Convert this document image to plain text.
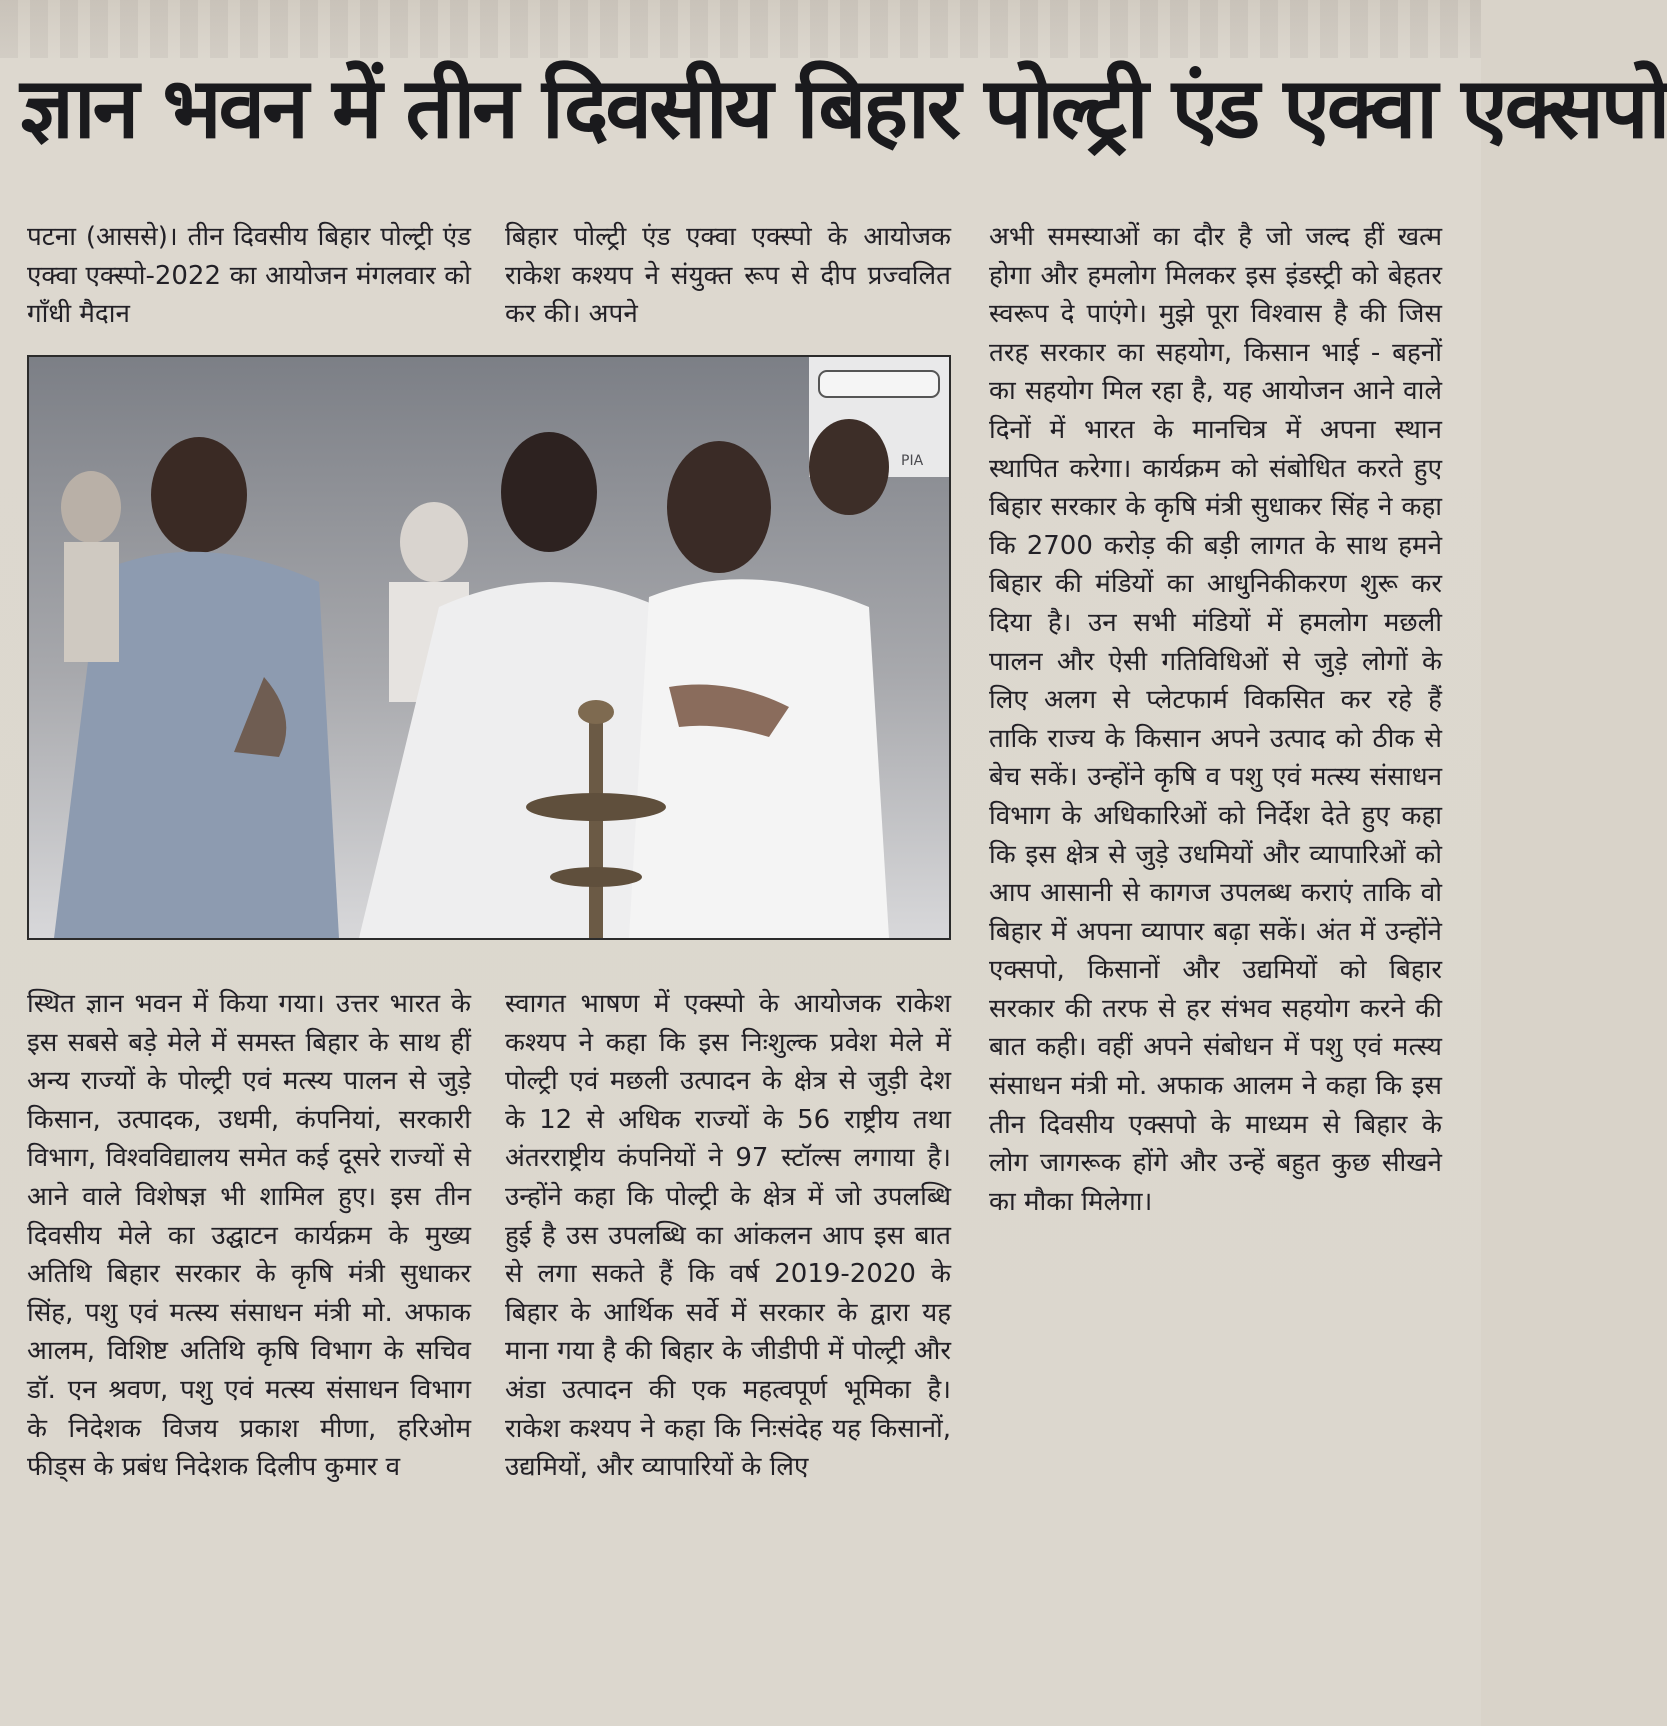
ज्ञान भवन में तीन दिवसीय बिहार पोल्ट्री एंड एक्वा एक्सपो
पटना (आससे)। तीन दिवसीय बिहार पोल्ट्री एंड एक्वा एक्स्पो-2022 का आयोजन मंगलवार को गाँधी मैदान
बिहार पोल्ट्री एंड एक्वा एक्स्पो के आयोजक राकेश कश्यप ने संयुक्त रूप से दीप प्रज्वलित कर की। अपने
अभी समस्याओं का दौर है जो जल्द हीं खत्म होगा और हमलोग मिलकर इस इंडस्ट्री को बेहतर स्वरूप दे पाएंगे। मुझे पूरा विश्वास है की जिस तरह सरकार का सहयोग, किसान भाई - बहनों का सहयोग मिल रहा है, यह आयोजन आने वाले दिनों में भारत के मानचित्र में अपना स्थान स्थापित करेगा। कार्यक्रम को संबोधित करते हुए बिहार सरकार के कृषि मंत्री सुधाकर सिंह ने कहा कि 2700 करोड़ की बड़ी लागत के साथ हमने बिहार की मंडियों का आधुनिकीकरण शुरू कर दिया है। उन सभी मंडियों में हमलोग मछली पालन और ऐसी गतिविधिओं से जुड़े लोगों के लिए अलग से प्लेटफार्म विकसित कर रहे हैं ताकि राज्य के किसान अपने उत्पाद को ठीक से बेच सकें। उन्होंने कृषि व पशु एवं मत्स्य संसाधन विभाग के अधिकारिओं को निर्देश देते हुए कहा कि इस क्षेत्र से जुड़े उधमियों और व्यापारिओं को आप आसानी से कागज उपलब्ध कराएं ताकि वो बिहार में अपना व्यापार बढ़ा सकें। अंत में उन्होंने एक्सपो, किसानों और उद्यमियों को बिहार सरकार की तरफ से हर संभव सहयोग करने की बात कही। वहीं अपने संबोधन में पशु एवं मत्स्य संसाधन मंत्री मो. अफाक आलम ने कहा कि इस तीन दिवसीय एक्सपो के माध्यम से बिहार के लोग जागरूक होंगे और उन्हें बहुत कुछ सीखने का मौका मिलेगा।
PIA
स्थित ज्ञान भवन में किया गया। उत्तर भारत के इस सबसे बड़े मेले में समस्त बिहार के साथ हीं अन्य राज्यों के पोल्ट्री एवं मत्स्य पालन से जुड़े किसान, उत्पादक, उधमी, कंपनियां, सरकारी विभाग, विश्वविद्यालय समेत कई दूसरे राज्यों से आने वाले विशेषज्ञ भी शामिल हुए। इस तीन दिवसीय मेले का उद्घाटन कार्यक्रम के मुख्य अतिथि बिहार सरकार के कृषि मंत्री सुधाकर सिंह, पशु एवं मत्स्य संसाधन मंत्री मो. अफाक आलम, विशिष्ट अतिथि कृषि विभाग के सचिव डॉ. एन श्रवण, पशु एवं मत्स्य संसाधन विभाग के निदेशक विजय प्रकाश मीणा, हरिओम फीड्स के प्रबंध निदेशक दिलीप कुमार व
स्वागत भाषण में एक्स्पो के आयोजक राकेश कश्यप ने कहा कि इस निःशुल्क प्रवेश मेले में पोल्ट्री एवं मछली उत्पादन के क्षेत्र से जुड़ी देश के 12 से अधिक राज्यों के 56 राष्ट्रीय तथा अंतरराष्ट्रीय कंपनियों ने 97 स्टॉल्स लगाया है। उन्होंने कहा कि पोल्ट्री के क्षेत्र में जो उपलब्धि हुई है उस उपलब्धि का आंकलन आप इस बात से लगा सकते हैं कि वर्ष 2019-2020 के बिहार के आर्थिक सर्वे में सरकार के द्वारा यह माना गया है की बिहार के जीडीपी में पोल्ट्री और अंडा उत्पादन की एक महत्वपूर्ण भूमिका है। राकेश कश्यप ने कहा कि निःसंदेह यह किसानों, उद्यमियों, और व्यापारियों के लिए
